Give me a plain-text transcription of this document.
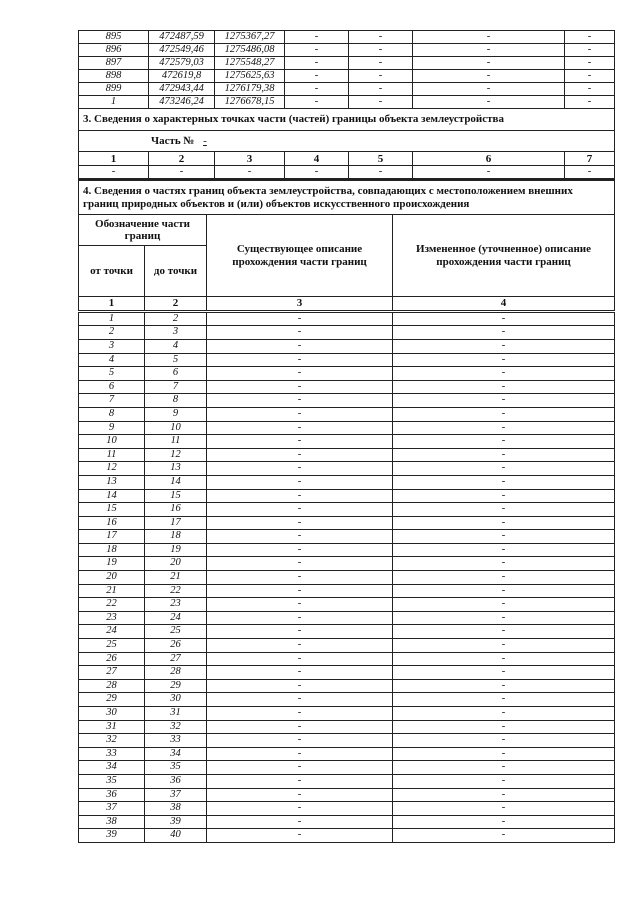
895	472487,59	1275367,27	-	-	-	-
896	472549,46	1275486,08	-	-	-	-
897	472579,03	1275548,27	-	-	-	-
898	472619,8	1275625,63	-	-	-	-
899	472943,44	1276179,38	-	-	-	-
1	473246,24	1276678,15	-	-	-	-
3. Сведения о характерных точках части (частей) границы объекта землеустройства						
Часть № -						
1	2	3	4	5	6	7
-	-	-	-	-	-	-
4. Сведения о частях границ объекта землеустройства, совпадающих с местоположением внешних границ природных объектов и (или) объектов искусственного происхождения			
Обозначение части границ		Существующее описание прохождения части границ	Измененное (уточненное) описание прохождения части границ
от точки	до точки		
1	2	3	4
1	2	-	-
2	3	-	-
3	4	-	-
4	5	-	-
5	6	-	-
6	7	-	-
7	8	-	-
8	9	-	-
9	10	-	-
10	11	-	-
11	12	-	-
12	13	-	-
13	14	-	-
14	15	-	-
15	16	-	-
16	17	-	-
17	18	-	-
18	19	-	-
19	20	-	-
20	21	-	-
21	22	-	-
22	23	-	-
23	24	-	-
24	25	-	-
25	26	-	-
26	27	-	-
27	28	-	-
28	29	-	-
29	30	-	-
30	31	-	-
31	32	-	-
32	33	-	-
33	34	-	-
34	35	-	-
35	36	-	-
36	37	-	-
37	38	-	-
38	39	-	-
39	40	-	-
